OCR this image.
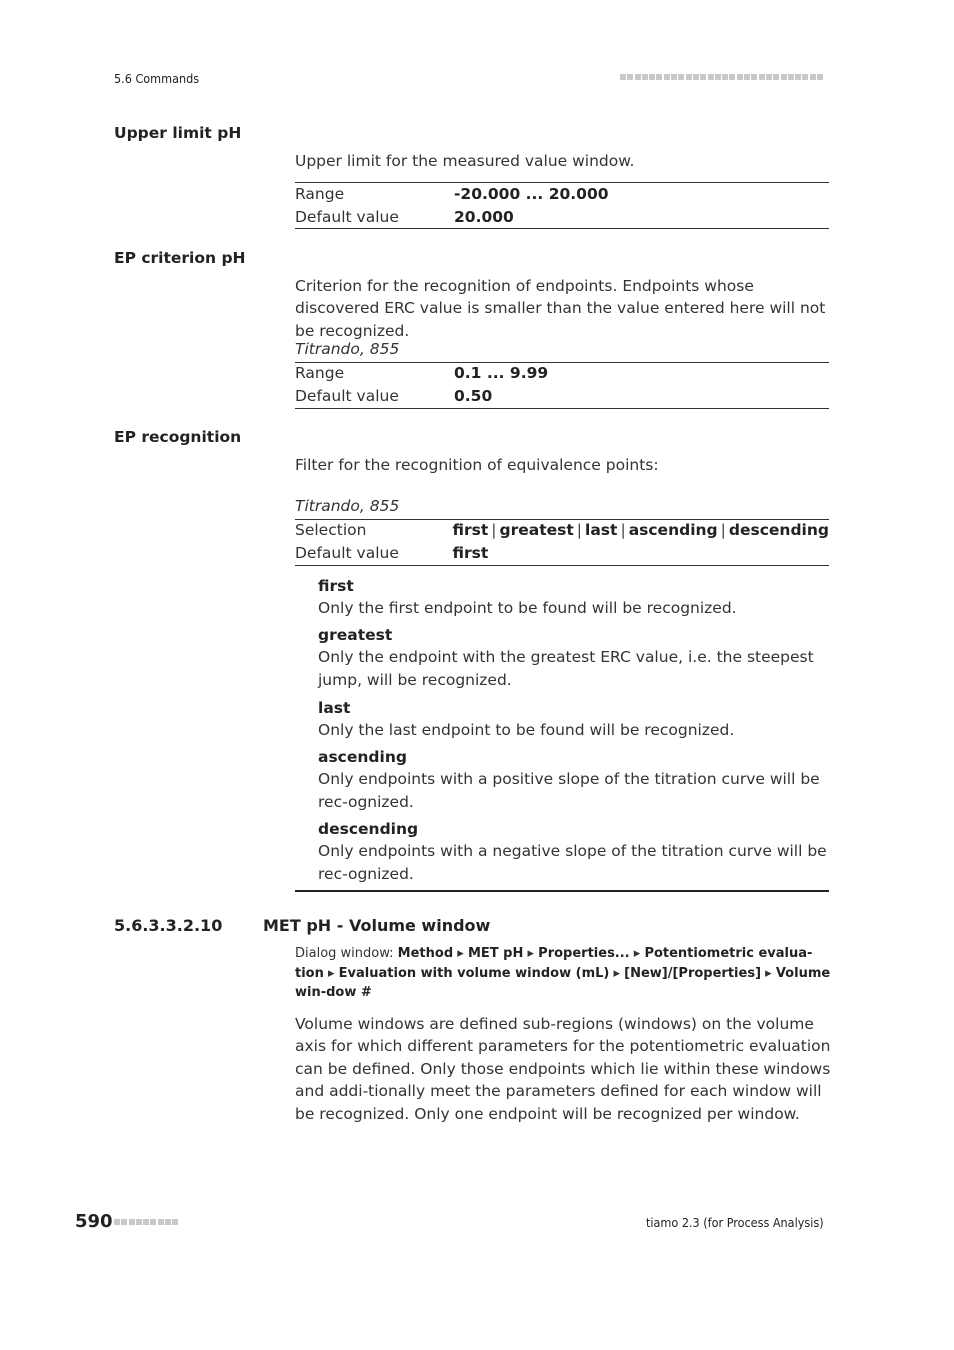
5.6 Commands
Upper limit pH
Upper limit for the measured value window.
Range	-20.000 ... 20.000
Default value	20.000
EP criterion pH
Criterion for the recognition of endpoints. Endpoints whose discovered ERC value is smaller than the value entered here will not be recognized.
Titrando, 855
Range	0.1 ... 9.99
Default value	0.50
EP recognition
Filter for the recognition of equivalence points:
Titrando, 855
Selection	first | greatest | last | ascending | descending
Default value	first
first
Only the first endpoint to be found will be recognized.
greatest
Only the endpoint with the greatest ERC value, i.e. the steepest jump, will be recognized.
last
Only the last endpoint to be found will be recognized.
ascending
Only endpoints with a positive slope of the titration curve will be rec-ognized.
descending
Only endpoints with a negative slope of the titration curve will be rec-ognized.
5.6.3.3.2.10	MET pH - Volume window
Dialog window: Method ▸ MET pH ▸ Properties... ▸ Potentiometric evalua-tion ▸ Evaluation with volume window (mL) ▸ [New]/[Properties] ▸ Volume win-dow #
Volume windows are defined sub-regions (windows) on the volume axis for which different parameters for the potentiometric evaluation can be defined. Only those endpoints which lie within these windows and addi-tionally meet the parameters defined for each window will be recognized. Only one endpoint will be recognized per window.
590	tiamo 2.3 (for Process Analysis)
